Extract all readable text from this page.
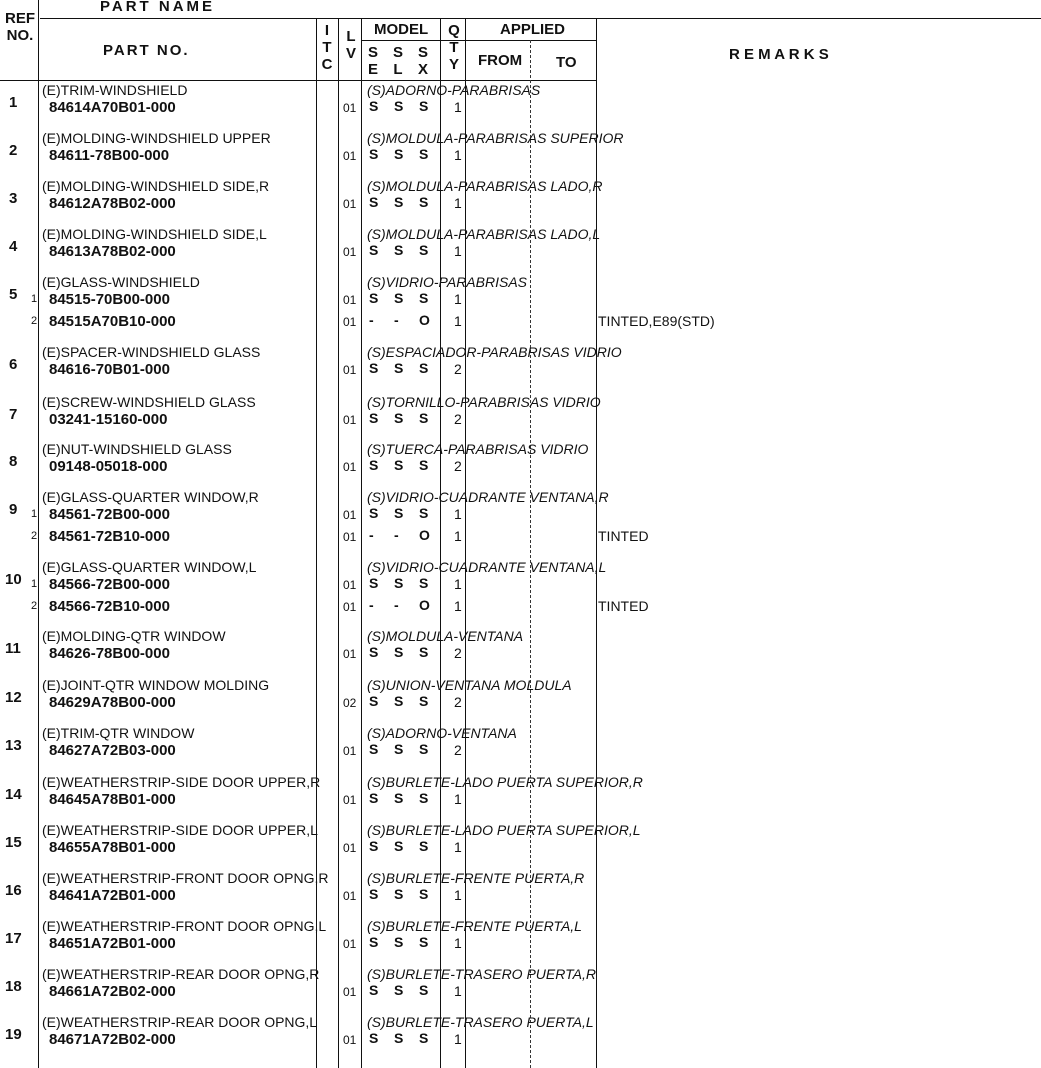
PART NAME
REF
NO.
PART NO.
I
T
C
L
V
MODEL
S
E
S
L
S
X
Q
T
Y
APPLIED
FROM TO	R E M A R K S
1
(E)TRIM-WINDSHIELD	(S)ADORNO-PARABRISAS
84614A70B01-000	01 S S S 1
2
(E)MOLDING-WINDSHIELD UPPER	(S)MOLDULA-PARABRISAS SUPERIOR
84611-78B00-000	01 S S S 1
3
(E)MOLDING-WINDSHIELD SIDE,R	(S)MOLDULA-PARABRISAS LADO,R
84612A78B02-000	01 S S S 1
4
(E)MOLDING-WINDSHIELD SIDE,L	(S)MOLDULA-PARABRISAS LADO,L
84613A78B02-000	01 S S S 1
5
(E)GLASS-WINDSHIELD	(S)VIDRIO-PARABRISAS
1 84515-70B00-000	01 S S S 1
2 84515A70B10-000	01 - - O 1	TINTED,E89(STD)
6
(E)SPACER-WINDSHIELD GLASS	(S)ESPACIADOR-PARABRISAS VIDRIO
84616-70B01-000	01 S S S 2
7
(E)SCREW-WINDSHIELD GLASS	(S)TORNILLO-PARABRISAS VIDRIO
03241-15160-000	01 S S S 2
8
(E)NUT-WINDSHIELD GLASS	(S)TUERCA-PARABRISAS VIDRIO
09148-05018-000	01 S S S 2
9
(E)GLASS-QUARTER WINDOW,R	(S)VIDRIO-CUADRANTE VENTANA,R
1 84561-72B00-000	01 S S S 1
2 84561-72B10-000	01 - - O 1	TINTED
10
(E)GLASS-QUARTER WINDOW,L	(S)VIDRIO-CUADRANTE VENTANA,L
1 84566-72B00-000	01 S S S 1
2 84566-72B10-000	01 - - O 1	TINTED
11
(E)MOLDING-QTR WINDOW	(S)MOLDULA-VENTANA
84626-78B00-000	01 S S S 2
12
(E)JOINT-QTR WINDOW MOLDING	(S)UNION-VENTANA MOLDULA
84629A78B00-000	02 S S S 2
13
(E)TRIM-QTR WINDOW	(S)ADORNO-VENTANA
84627A72B03-000	01 S S S 2
14
(E)WEATHERSTRIP-SIDE DOOR UPPER,R	(S)BURLETE-LADO PUERTA SUPERIOR,R
84645A78B01-000	01 S S S 1
15
(E)WEATHERSTRIP-SIDE DOOR UPPER,L	(S)BURLETE-LADO PUERTA SUPERIOR,L
84655A78B01-000	01 S S S 1
16
(E)WEATHERSTRIP-FRONT DOOR OPNG,R	(S)BURLETE-FRENTE PUERTA,R
84641A72B01-000	01 S S S 1
17
(E)WEATHERSTRIP-FRONT DOOR OPNG,L	(S)BURLETE-FRENTE PUERTA,L
84651A72B01-000	01 S S S 1
18
(E)WEATHERSTRIP-REAR DOOR OPNG,R	(S)BURLETE-TRASERO PUERTA,R
84661A72B02-000	01 S S S 1
19
(E)WEATHERSTRIP-REAR DOOR OPNG,L	(S)BURLETE-TRASERO PUERTA,L
84671A72B02-000	01 S S S 1
